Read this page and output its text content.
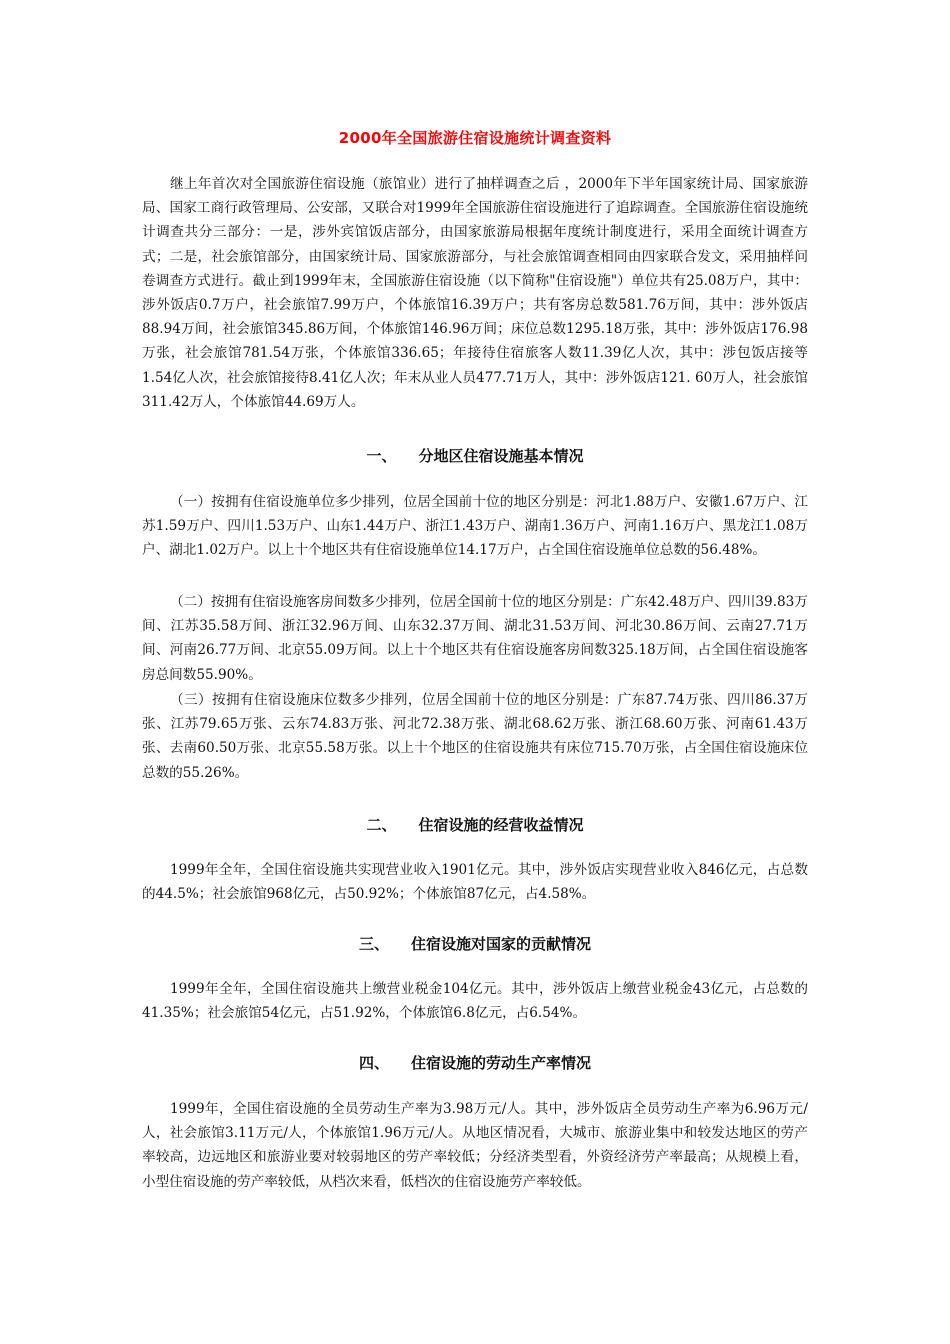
2000年全国旅游住宿设施统计调查资料

继上年首次对全国旅游住宿设施（旅馆业）进行了抽样调查之后 ，2000年下半年国家统计局、国家旅游局、国家工商行政管理局、公安部，又联合对1999年全国旅游住宿设施进行了追踪调查。全国旅游住宿设施统计调查共分三部分：一是，涉外宾馆饭店部分，由国家旅游局根据年度统计制度进行，采用全面统计调查方式；二是，社会旅馆部分，由国家统计局、国家旅游部分，与社会旅馆调查相同由四家联合发文，采用抽样问卷调查方式进行。截止到1999年末，全国旅游住宿设施（以下简称"住宿设施"）单位共有25.08万户，其中：涉外饭店0.7万户，社会旅馆7.99万户，个体旅馆16.39万户；共有客房总数581.76万间，其中：涉外饭店88.94万间，社会旅馆345.86万间，个体旅馆146.96万间；床位总数1295.18万张，其中：涉外饭店176.98万张，社会旅馆781.54万张，个体旅馆336.65；年接待住宿旅客人数11.39亿人次，其中：涉包饭店接等1.54亿人次，社会旅馆接待8.41亿人次；年末从业人员477.71万人，其中：涉外饭店121. 60万人，社会旅馆311.42万人，个体旅馆44.69万人。

一、 分地区住宿设施基本情况

（一）按拥有住宿设施单位多少排列，位居全国前十位的地区分别是：河北1.88万户、安徽1.67万户、江苏1.59万户、四川1.53万户、山东1.44万户、浙江1.43万户、湖南1.36万户、河南1.16万户、黑龙江1.08万户、湖北1.02万户。以上十个地区共有住宿设施单位14.17万户，占全国住宿设施单位总数的56.48%。

（二）按拥有住宿设施客房间数多少排列，位居全国前十位的地区分别是：广东42.48万户、四川39.83万间、江苏35.58万间、浙江32.96万间、山东32.37万间、湖北31.53万间、河北30.86万间、云南27.71万间、河南26.77万间、北京55.09万间。以上十个地区共有住宿设施客房间数325.18万间，占全国住宿设施客房总间数55.90%。

（三）按拥有住宿设施床位数多少排列，位居全国前十位的地区分别是：广东87.74万张、四川86.37万张、江苏79.65万张、云东74.83万张、河北72.38万张、湖北68.62万张、浙江68.60万张、河南61.43万张、去南60.50万张、北京55.58万张。以上十个地区的住宿设施共有床位715.70万张，占全国住宿设施床位总数的55.26%。

二、 住宿设施的经营收益情况

1999年全年，全国住宿设施共实现营业收入1901亿元。其中，涉外饭店实现营业收入846亿元，占总数的44.5%；社会旅馆968亿元，占50.92%；个体旅馆87亿元，占4.58%。

三、 住宿设施对国家的贡献情况

1999年全年，全国住宿设施共上缴营业税金104亿元。其中，涉外饭店上缴营业税金43亿元，占总数的41.35%；社会旅馆54亿元，占51.92%，个体旅馆6.8亿元，占6.54%。

四、 住宿设施的劳动生产率情况

1999年，全国住宿设施的全员劳动生产率为3.98万元/人。其中，涉外饭店全员劳动生产率为6.96万元/人，社会旅馆3.11万元/人，个体旅馆1.96万元/人。从地区情况看，大城市、旅游业集中和较发达地区的劳产率较高，边远地区和旅游业要对较弱地区的劳产率较低；分经济类型看，外资经济劳产率最高；从规模上看，小型住宿设施的劳产率较低，从档次来看，低档次的住宿设施劳产率较低。
